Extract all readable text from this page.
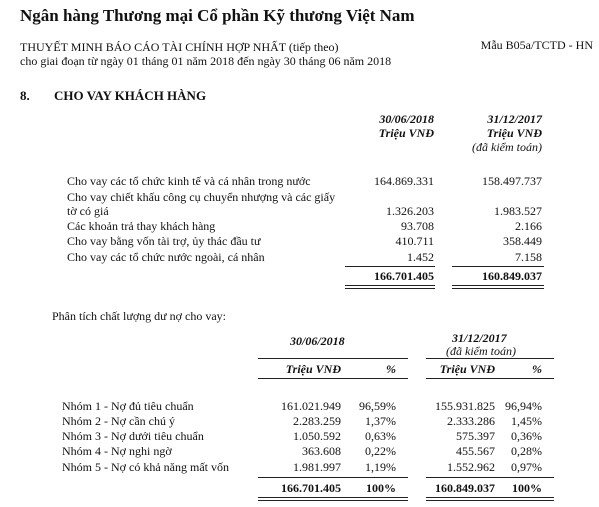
Ngân hàng Thương mại Cổ phần Kỹ thương Việt Nam
Mẫu B05a/TCTD - HN
THUYẾT MINH BÁO CÁO TÀI CHÍNH HỢP NHẤT (tiếp theo)
cho giai đoạn từ ngày 01 tháng 01 năm 2018 đến ngày 30 tháng 06 năm 2018
8. CHO VAY KHÁCH HÀNG
30/06/2018
Triệu VNĐ
31/12/2017
Triệu VNĐ
(đã kiểm toán)
Cho vay các tổ chức kinh tế và cá nhân trong nước	164.869.331	158.497.737
Cho vay chiết khấu công cụ chuyển nhượng và các giấy
tờ có giá	1.326.203	1.983.527
Các khoản trả thay khách hàng	93.708	2.166
Cho vay bằng vốn tài trợ, ủy thác đầu tư	410.711	358.449
Cho vay các tổ chức nước ngoài, cá nhân	1.452	7.158
166.701.405	160.849.037
Phân tích chất lượng dư nợ cho vay:
30/06/2018	31/12/2017
(đã kiểm toán)
Triệu VNĐ	%	Triệu VNĐ	%
Nhóm 1 - Nợ đủ tiêu chuẩn	161.021.949 96,59%	155.931.825 96,94%
Nhóm 2 - Nợ cần chú ý	2.283.259 1,37%	2.333.286 1,45%
Nhóm 3 - Nợ dưới tiêu chuẩn	1.050.592 0,63%	575.397 0,36%
Nhóm 4 - Nợ nghi ngờ	363.608 0,22%	455.567 0,28%
Nhóm 5 - Nợ có khả năng mất vốn	1.981.997 1,19%	1.552.962 0,97%
166.701.405 100%	160.849.037 100%
